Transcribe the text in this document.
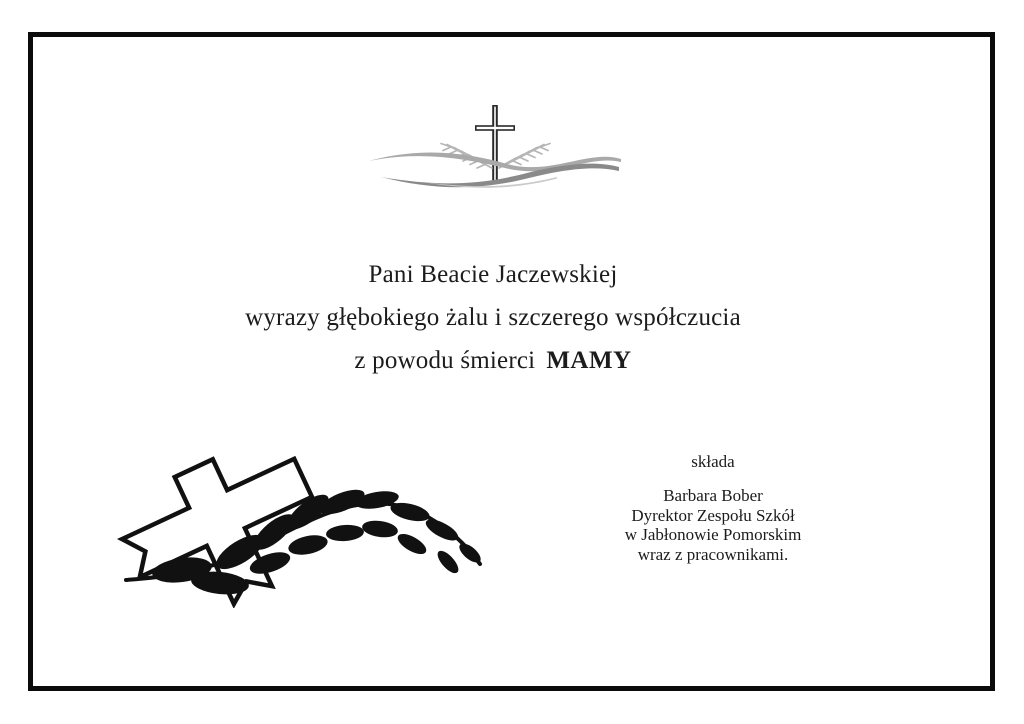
Pani Beacie Jaczewskiej
wyrazy głębokiego żalu i szczerego współczucia
z powodu śmierci MAMY
składa
Barbara Bober
Dyrektor Zespołu Szkół
w Jabłonowie Pomorskim
wraz z pracownikami.
